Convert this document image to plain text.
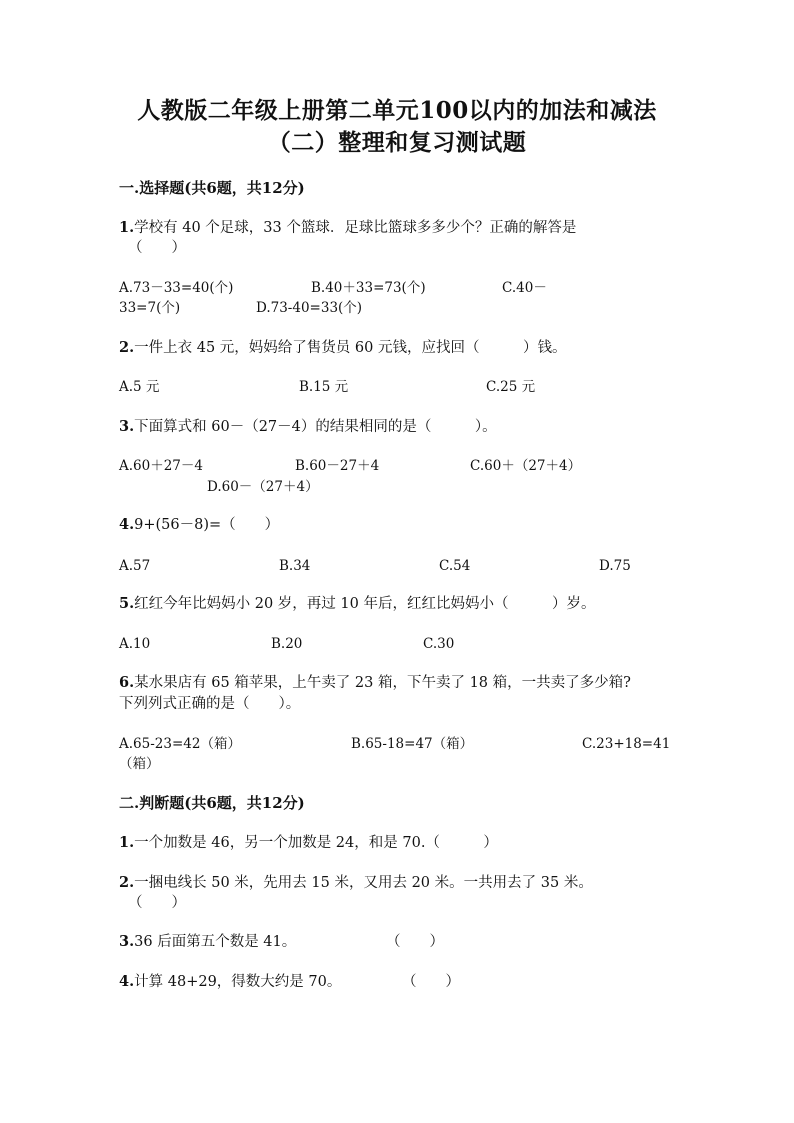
人教版二年级上册第二单元100以内的加法和减法
（二）整理和复习测试题
一.选择题(共6题，共12分)
1.学校有 40 个足球，33 个篮球．足球比篮球多多少个？正确的解答是
（　　）
A.73－33=40(个)	B.40＋33=73(个)	C.40－
33=7(个)	D.73-40=33(个)
2.一件上衣 45 元，妈妈给了售货员 60 元钱，应找回（　　　）钱。
A.5 元	B.15 元	C.25 元
3.下面算式和 60－（27－4）的结果相同的是（　　　）。
A.60＋27－4	B.60－27＋4	C.60＋（27＋4）
D.60－（27＋4）
4.9+(56－8)=（　　）
A.57	B.34	C.54	D.75
5.红红今年比妈妈小 20 岁，再过 10 年后，红红比妈妈小（　　　）岁。
A.10	B.20	C.30
6.某水果店有 65 箱苹果，上午卖了 23 箱，下午卖了 18 箱，一共卖了多少箱?
下列列式正确的是（　　）。
A.65-23=42（箱）	B.65-18=47（箱）	C.23+18=41
（箱）
二.判断题(共6题，共12分)
1.一个加数是 46，另一个加数是 24，和是 70.（　　　）
2.一捆电线长 50 米，先用去 15 米，又用去 20 米。一共用去了 35 米。
（　　）
3.36 后面第五个数是 41。	（　　）
4.计算 48+29，得数大约是 70。	（　　）
